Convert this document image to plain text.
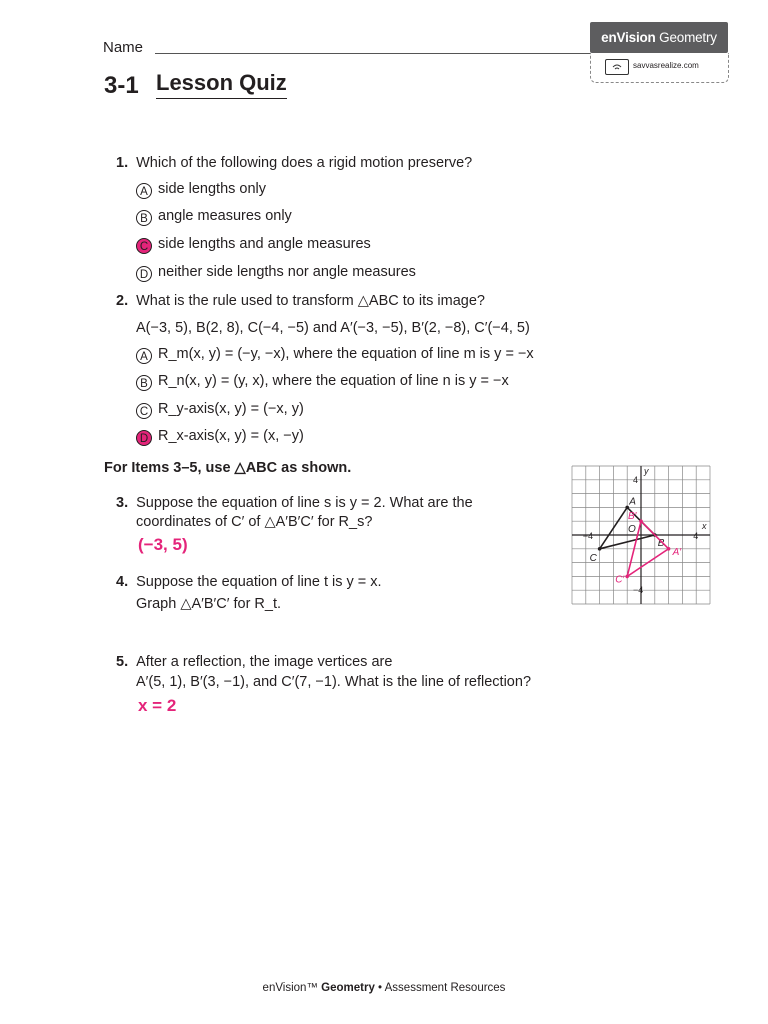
Name
enVision
Geometry
savvasrealize.com
3-1 Lesson Quiz
1. Which of the following does a rigid motion preserve?
A side lengths only
B angle measures only
C side lengths and angle measures
D neither side lengths nor angle measures
2. What is the rule used to transform △ABC to its image?
A(−3, 5), B(2, 8), C(−4, −5) and A′(−3, −5), B′(2, −8), C′(−4, 5)
A R_m(x, y) = (−y, −x), where the equation of line m is y = −x
B R_n(x, y) = (y, x), where the equation of line n is y = −x
C R_y-axis(x, y) = (−x, y)
D R_x-axis(x, y) = (x, −y)
For Items 3–5, use △ABC as shown.
3. Suppose the equation of line s is y = 2. What are the
coordinates of C′ of △A′B′C′ for R_s?
(−3, 5)
4. Suppose the equation of line t is y = x.
Graph △A′B′C′ for R_t.
5. After a reflection, the image vertices are
A′(5, 1), B′(3, −1), and C′(7, −1). What is the line of reflection?
x = 2
−4	4
4
−4
x
y
O
A
B
C
A′
B′
C′
enVision™ Geometry • Assessment Resources
